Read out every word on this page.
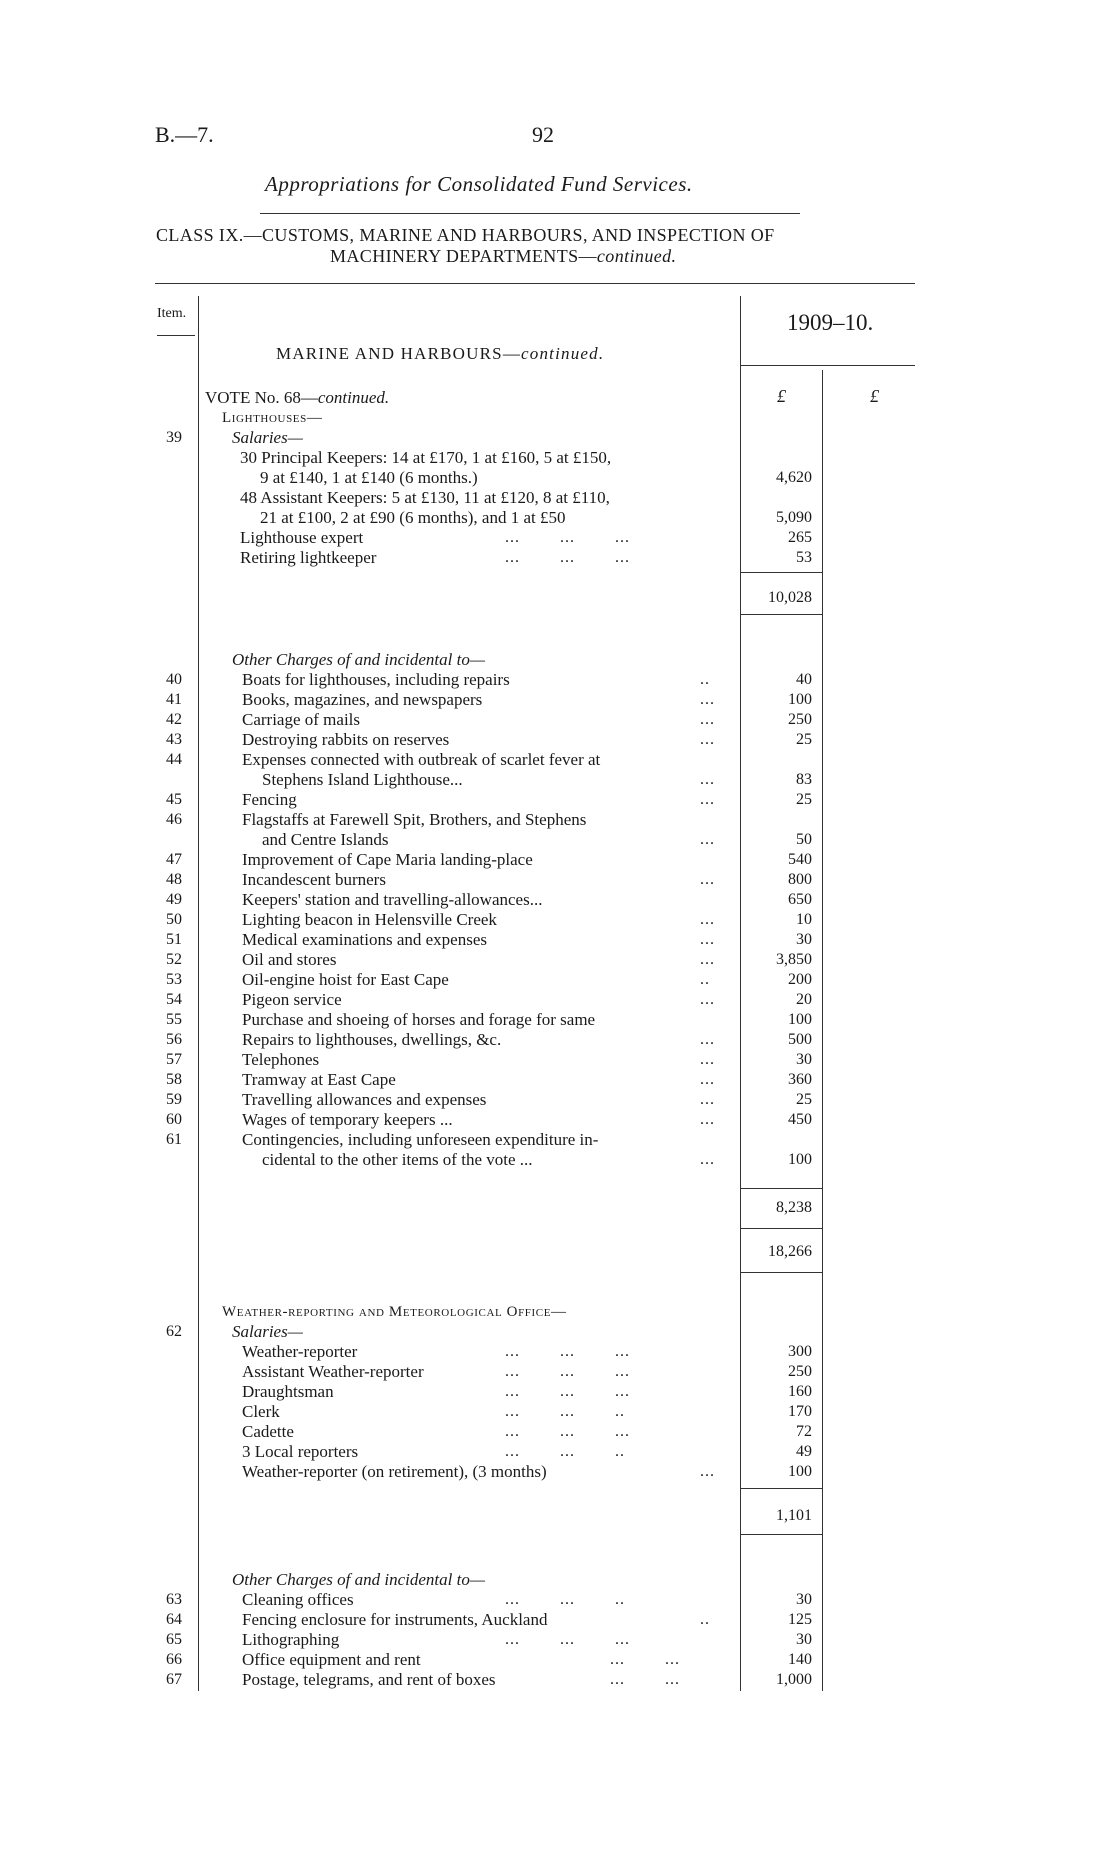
B.—7.	92
Appropriations for Consolidated Fund Services.
CLASS IX.—CUSTOMS, MARINE AND HARBOURS, AND INSPECTION OF
MACHINERY DEPARTMENTS—continued.
Item.	1909–10.
MARINE AND HARBOURS—continued.
£	£
VOTE No. 68—continued.
Lighthouses—
Salaries—
39
30 Principal Keepers: 14 at £170, 1 at £160, 5 at £150,
9 at £140, 1 at £140 (6 months.)	4,620
48 Assistant Keepers: 5 at £130, 11 at £120, 8 at £110,
21 at £100, 2 at £90 (6 months), and 1 at £50	5,090
Lighthouse expert	265
Retiring lightkeeper	53
...        ...        ...
...        ...        ...
10,028
Other Charges of and incidental to—
40	Boats for lighthouses, including repairs	40
41	Books, magazines, and newspapers	100
42	Carriage of mails	250
43	Destroying rabbits on reserves	25
44	Expenses connected with outbreak of scarlet fever at
Stephens Island Lighthouse...	83
45	Fencing	25
46	Flagstaffs at Farewell Spit, Brothers, and Stephens
and Centre Islands	50
47	Improvement of Cape Maria landing-place	540
48	Incandescent burners	800
49	Keepers' station and travelling-allowances...	650
50	Lighting beacon in Helensville Creek	10
51	Medical examinations and expenses	30
52	Oil and stores	3,850
53	Oil-engine hoist for East Cape	200
54	Pigeon service	20
55	Purchase and shoeing of horses and forage for same	100
56	Repairs to lighthouses, dwellings, &c.	500
57	Telephones	30
58	Tramway at East Cape	360
59	Travelling allowances and expenses	25
60	Wages of temporary keepers ...	450
61	Contingencies, including unforeseen expenditure in-
cidental to the other items of the vote ...	100
..
...
...
...
...
...
...
...
...
...
...
..
...
...
...
...
...
...
...
8,238
18,266
Weather-reporting and Meteorological Office—
62	Salaries—
Weather-reporter	300
Assistant Weather-reporter	250
Draughtsman	160
Clerk	170
Cadette	72
3 Local reporters	49
Weather-reporter (on retirement), (3 months)	100
...        ...        ...
...        ...        ...
...        ...        ...
...        ...        ..
...        ...        ...
...        ...        ..
...
1,101
Other Charges of and incidental to—
63	Cleaning offices	30
64	Fencing enclosure for instruments, Auckland	125
65	Lithographing	30
66	Office equipment and rent	140
67	Postage, telegrams, and rent of boxes	1,000
...        ...        ..
..
...        ...        ...
...        ...
...        ...
